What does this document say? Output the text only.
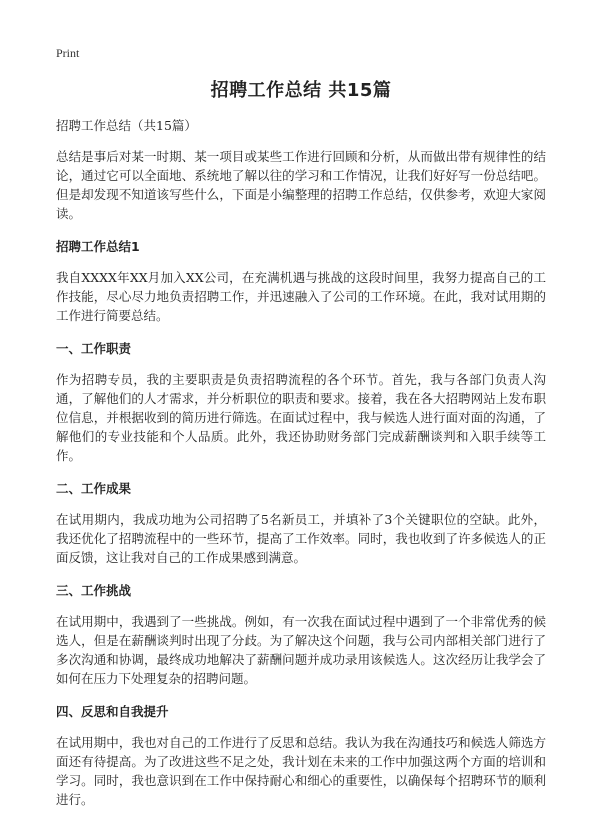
Print
招聘工作总结 共15篇
招聘工作总结（共15篇）

总结是事后对某一时期、某一项目或某些工作进行回顾和分析，从而做出带有规律性的结论，通过它可以全面地、系统地了解以往的学习和工作情况，让我们好好写一份总结吧。但是却发现不知道该写些什么，下面是小编整理的招聘工作总结，仅供参考，欢迎大家阅读。

招聘工作总结1

我自XXXX年XX月加入XX公司，在充满机遇与挑战的这段时间里，我努力提高自己的工作技能，尽心尽力地负责招聘工作，并迅速融入了公司的工作环境。在此，我对试用期的工作进行简要总结。

一、工作职责

作为招聘专员，我的主要职责是负责招聘流程的各个环节。首先，我与各部门负责人沟通，了解他们的人才需求，并分析职位的职责和要求。接着，我在各大招聘网站上发布职位信息，并根据收到的简历进行筛选。在面试过程中，我与候选人进行面对面的沟通，了解他们的专业技能和个人品质。此外，我还协助财务部门完成薪酬谈判和入职手续等工作。

二、工作成果

在试用期内，我成功地为公司招聘了5名新员工，并填补了3个关键职位的空缺。此外，我还优化了招聘流程中的一些环节，提高了工作效率。同时，我也收到了许多候选人的正面反馈，这让我对自己的工作成果感到满意。

三、工作挑战

在试用期中，我遇到了一些挑战。例如，有一次我在面试过程中遇到了一个非常优秀的候选人，但是在薪酬谈判时出现了分歧。为了解决这个问题，我与公司内部相关部门进行了多次沟通和协调，最终成功地解决了薪酬问题并成功录用该候选人。这次经历让我学会了如何在压力下处理复杂的招聘问题。

四、反思和自我提升

在试用期中，我也对自己的工作进行了反思和总结。我认为我在沟通技巧和候选人筛选方面还有待提高。为了改进这些不足之处，我计划在未来的工作中加强这两个方面的培训和学习。同时，我也意识到在工作中保持耐心和细心的重要性，以确保每个招聘环节的顺利进行。
